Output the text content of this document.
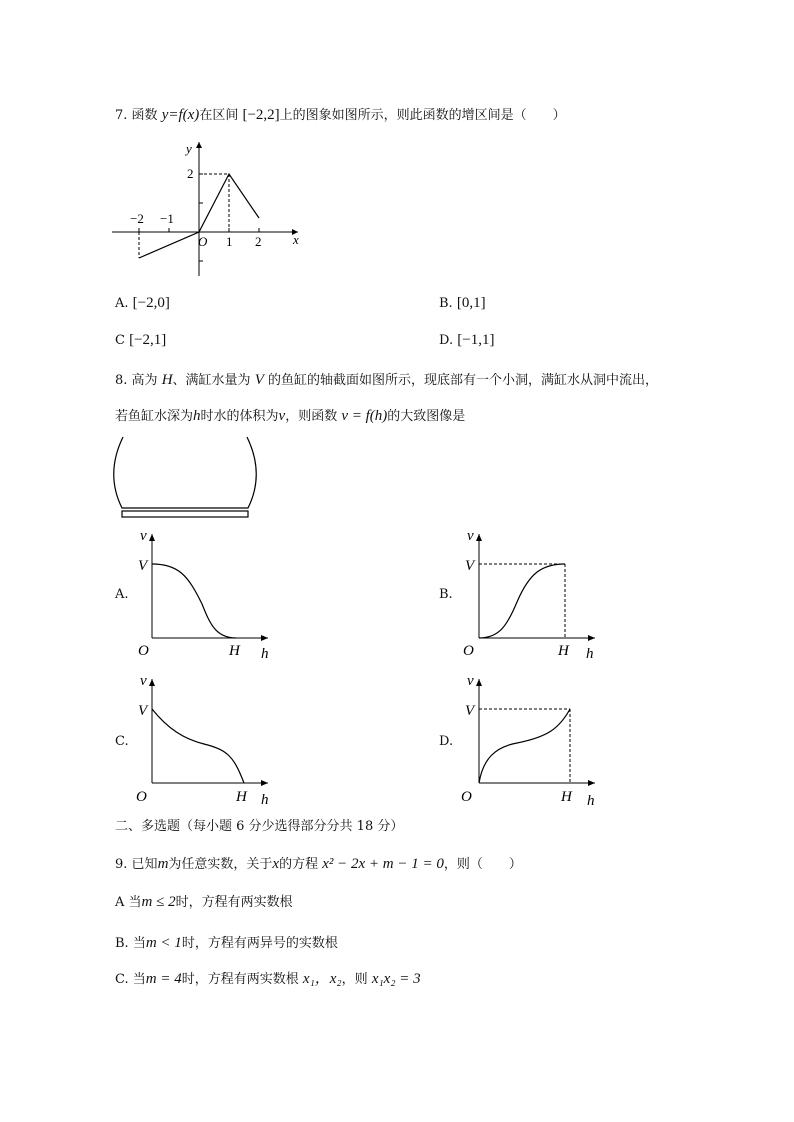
7. 函数 y=f(x)在区间 [−2,2]上的图象如图所示，则此函数的增区间是（　　）
y
x
O
2
−2 −1
1 2
A. [−2,0]	B. [0,1]
C [−2,1]	D. [−1,1]
8. 高为 H、满缸水量为 V 的鱼缸的轴截面如图所示，现底部有一个小洞，满缸水从洞中流出，
若鱼缸水深为h时水的体积为v，则函数 v = f(h)的大致图像是
A.
v
V
O	H h
B.
v
V
O	H h
C.
v
V
O	H h
D.
v
V
O	H h
二、多选题（每小题 6 分少选得部分分共 18 分）
9. 已知m为任意实数，关于x的方程 x² − 2x + m − 1 = 0，则（　　）
A 当m ≤ 2时，方程有两实数根
B. 当m < 1时，方程有两异号的实数根
C. 当m = 4时，方程有两实数根 x₁，x₂，则 x₁x₂ = 3
